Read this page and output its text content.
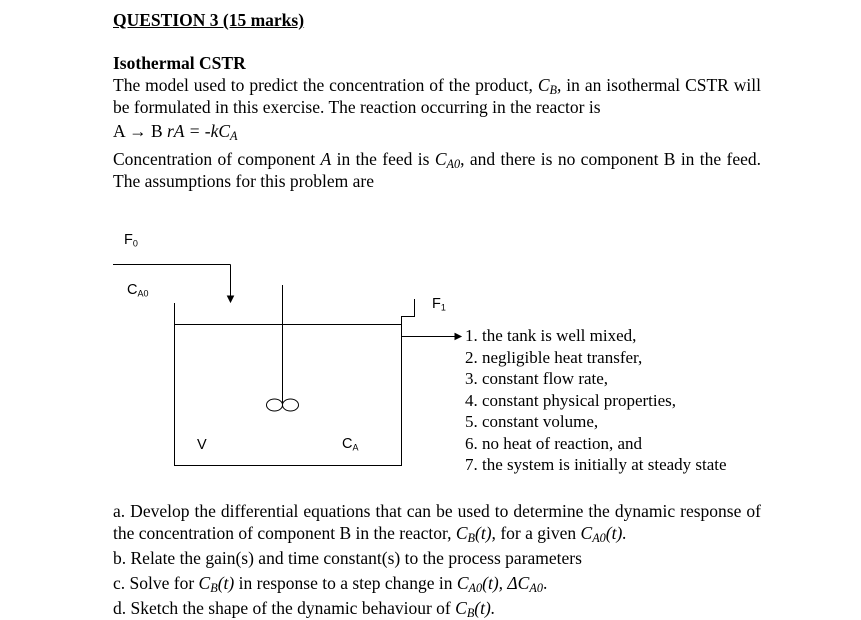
QUESTION 3 (15 marks)
Isothermal CSTR
The model used to predict the concentration of the product, $C_B$, in an isothermal CSTR will be formulated in this exercise. The reaction occurring in the reactor is
A → B rA = $-kC_A$
Concentration of component A in the feed is $C_{A0}$, and there is no component B in the feed. The assumptions for this problem are
$F_0$
$C_{A0}$
$F_1$
V	$C_A$
1. the tank is well mixed,
2. negligible heat transfer,
3. constant flow rate,
4. constant physical properties,
5. constant volume,
6. no heat of reaction, and
7. the system is initially at steady state
a. Develop the differential equations that can be used to determine the dynamic response of the concentration of component B in the reactor, $C_B(t)$, for a given $C_{A0}(t)$.
b. Relate the gain(s) and time constant(s) to the process parameters
c. Solve for $C_B(t)$ in response to a step change in $C_{A0}(t)$, $\Delta C_{A0}$.
d. Sketch the shape of the dynamic behaviour of $C_B(t)$.
